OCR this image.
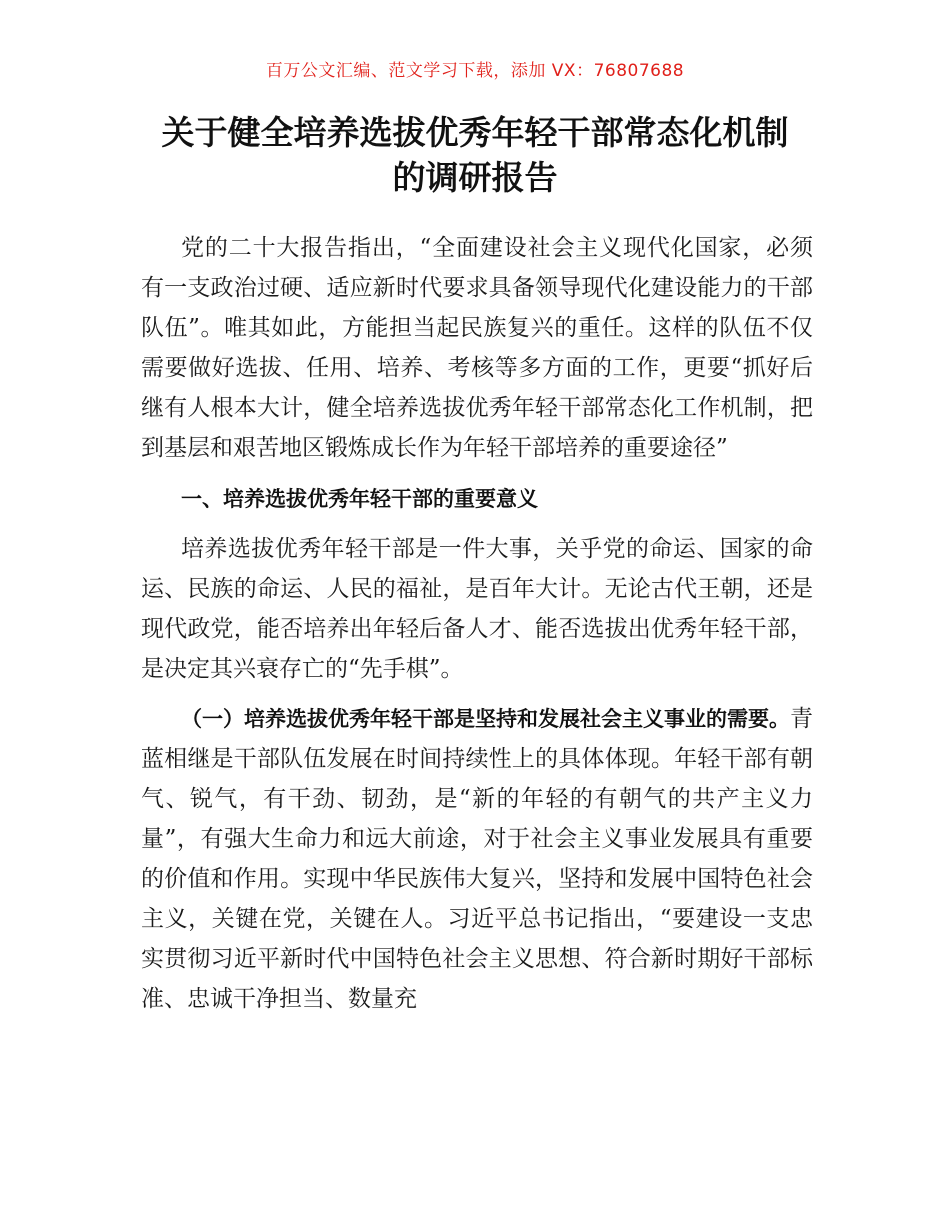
百万公文汇编、范文学习下载，添加 VX：76807688
关于健全培养选拔优秀年轻干部常态化机制
的调研报告

党的二十大报告指出，“全面建设社会主义现代化国家，必须有一支政治过硬、适应新时代要求具备领导现代化建设能力的干部队伍”。唯其如此，方能担当起民族复兴的重任。这样的队伍不仅需要做好选拔、任用、培养、考核等多方面的工作，更要“抓好后继有人根本大计，健全培养选拔优秀年轻干部常态化工作机制，把到基层和艰苦地区锻炼成长作为年轻干部培养的重要途径”

一、培养选拔优秀年轻干部的重要意义

培养选拔优秀年轻干部是一件大事，关乎党的命运、国家的命运、民族的命运、人民的福祉，是百年大计。无论古代王朝，还是现代政党，能否培养出年轻后备人才、能否选拔出优秀年轻干部，是决定其兴衰存亡的“先手棋”。

（一）培养选拔优秀年轻干部是坚持和发展社会主义事业的需要。青蓝相继是干部队伍发展在时间持续性上的具体体现。年轻干部有朝气、锐气，有干劲、韧劲，是“新的年轻的有朝气的共产主义力量”，有强大生命力和远大前途，对于社会主义事业发展具有重要的价值和作用。实现中华民族伟大复兴，坚持和发展中国特色社会主义，关键在党，关键在人。习近平总书记指出，“要建设一支忠实贯彻习近平新时代中国特色社会主义思想、符合新时期好干部标准、忠诚干净担当、数量充
